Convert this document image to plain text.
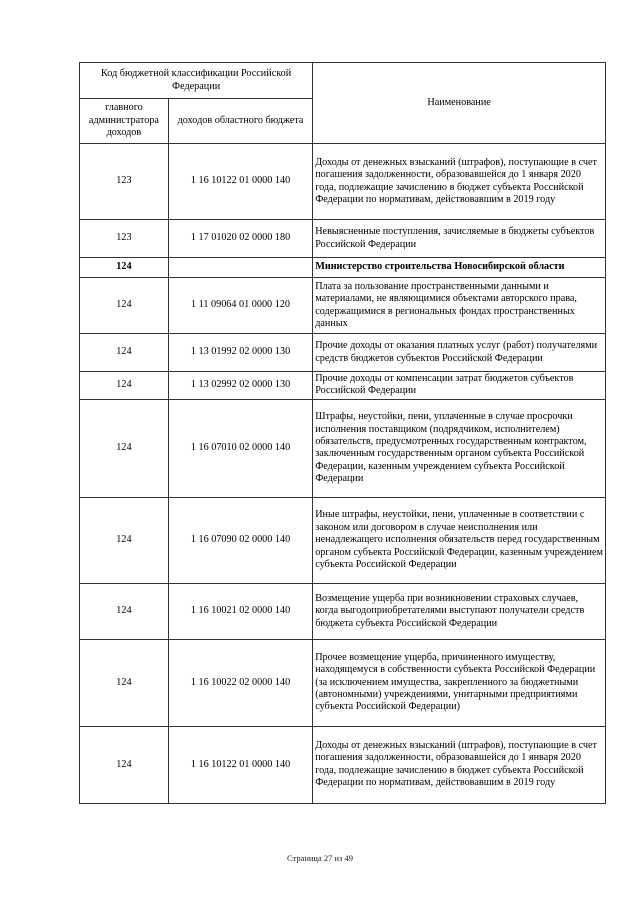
Код бюджетной классификации Российской Федерации		Наименование
главного администратора доходов	доходов областного бюджета	
123	1 16 10122 01 0000 140	Доходы от денежных взысканий (штрафов), поступающие в счет погашения задолженности, образовавшейся до 1 января 2020 года, подлежащие зачислению в бюджет субъекта Российской Федерации по нормативам, действовавшим в 2019 году
123	1 17 01020 02 0000 180	Невыясненные поступления, зачисляемые в бюджеты субъектов Российской Федерации
124		Министерство строительства Новосибирской области
124	1 11 09064 01 0000 120	Плата за пользование пространственными данными и материалами, не являющимися объектами авторского права, содержащимися в региональных фондах пространственных данных
124	1 13 01992 02 0000 130	Прочие доходы от оказания платных услуг (работ) получателями средств бюджетов субъектов Российской Федерации
124	1 13 02992 02 0000 130	Прочие доходы от компенсации затрат бюджетов субъектов Российской Федерации
124	1 16 07010 02 0000 140	Штрафы, неустойки, пени, уплаченные в случае просрочки исполнения поставщиком (подрядчиком, исполнителем) обязательств, предусмотренных государственным контрактом, заключенным государственным органом субъекта Российской Федерации, казенным учреждением субъекта Российской Федерации
124	1 16 07090 02 0000 140	Иные штрафы, неустойки, пени, уплаченные в соответствии с законом или договором в случае неисполнения или ненадлежащего исполнения обязательств перед государственным органом субъекта Российской Федерации, казенным учреждением субъекта Российской Федерации
124	1 16 10021 02 0000 140	Возмещение ущерба при возникновении страховых случаев, когда выгодоприобретателями выступают получатели средств бюджета субъекта Российской Федерации
124	1 16 10022 02 0000 140	Прочее возмещение ущерба, причиненного имуществу, находящемуся в собственности субъекта Российской Федерации (за исключением имущества, закрепленного за бюджетными (автономными) учреждениями, унитарными предприятиями субъекта Российской Федерации)
124	1 16 10122 01 0000 140	Доходы от денежных взысканий (штрафов), поступающие в счет погашения задолженности, образовавшейся до 1 января 2020 года, подлежащие зачислению в бюджет субъекта Российской Федерации по нормативам, действовавшим в 2019 году
Страница 27 из 49
